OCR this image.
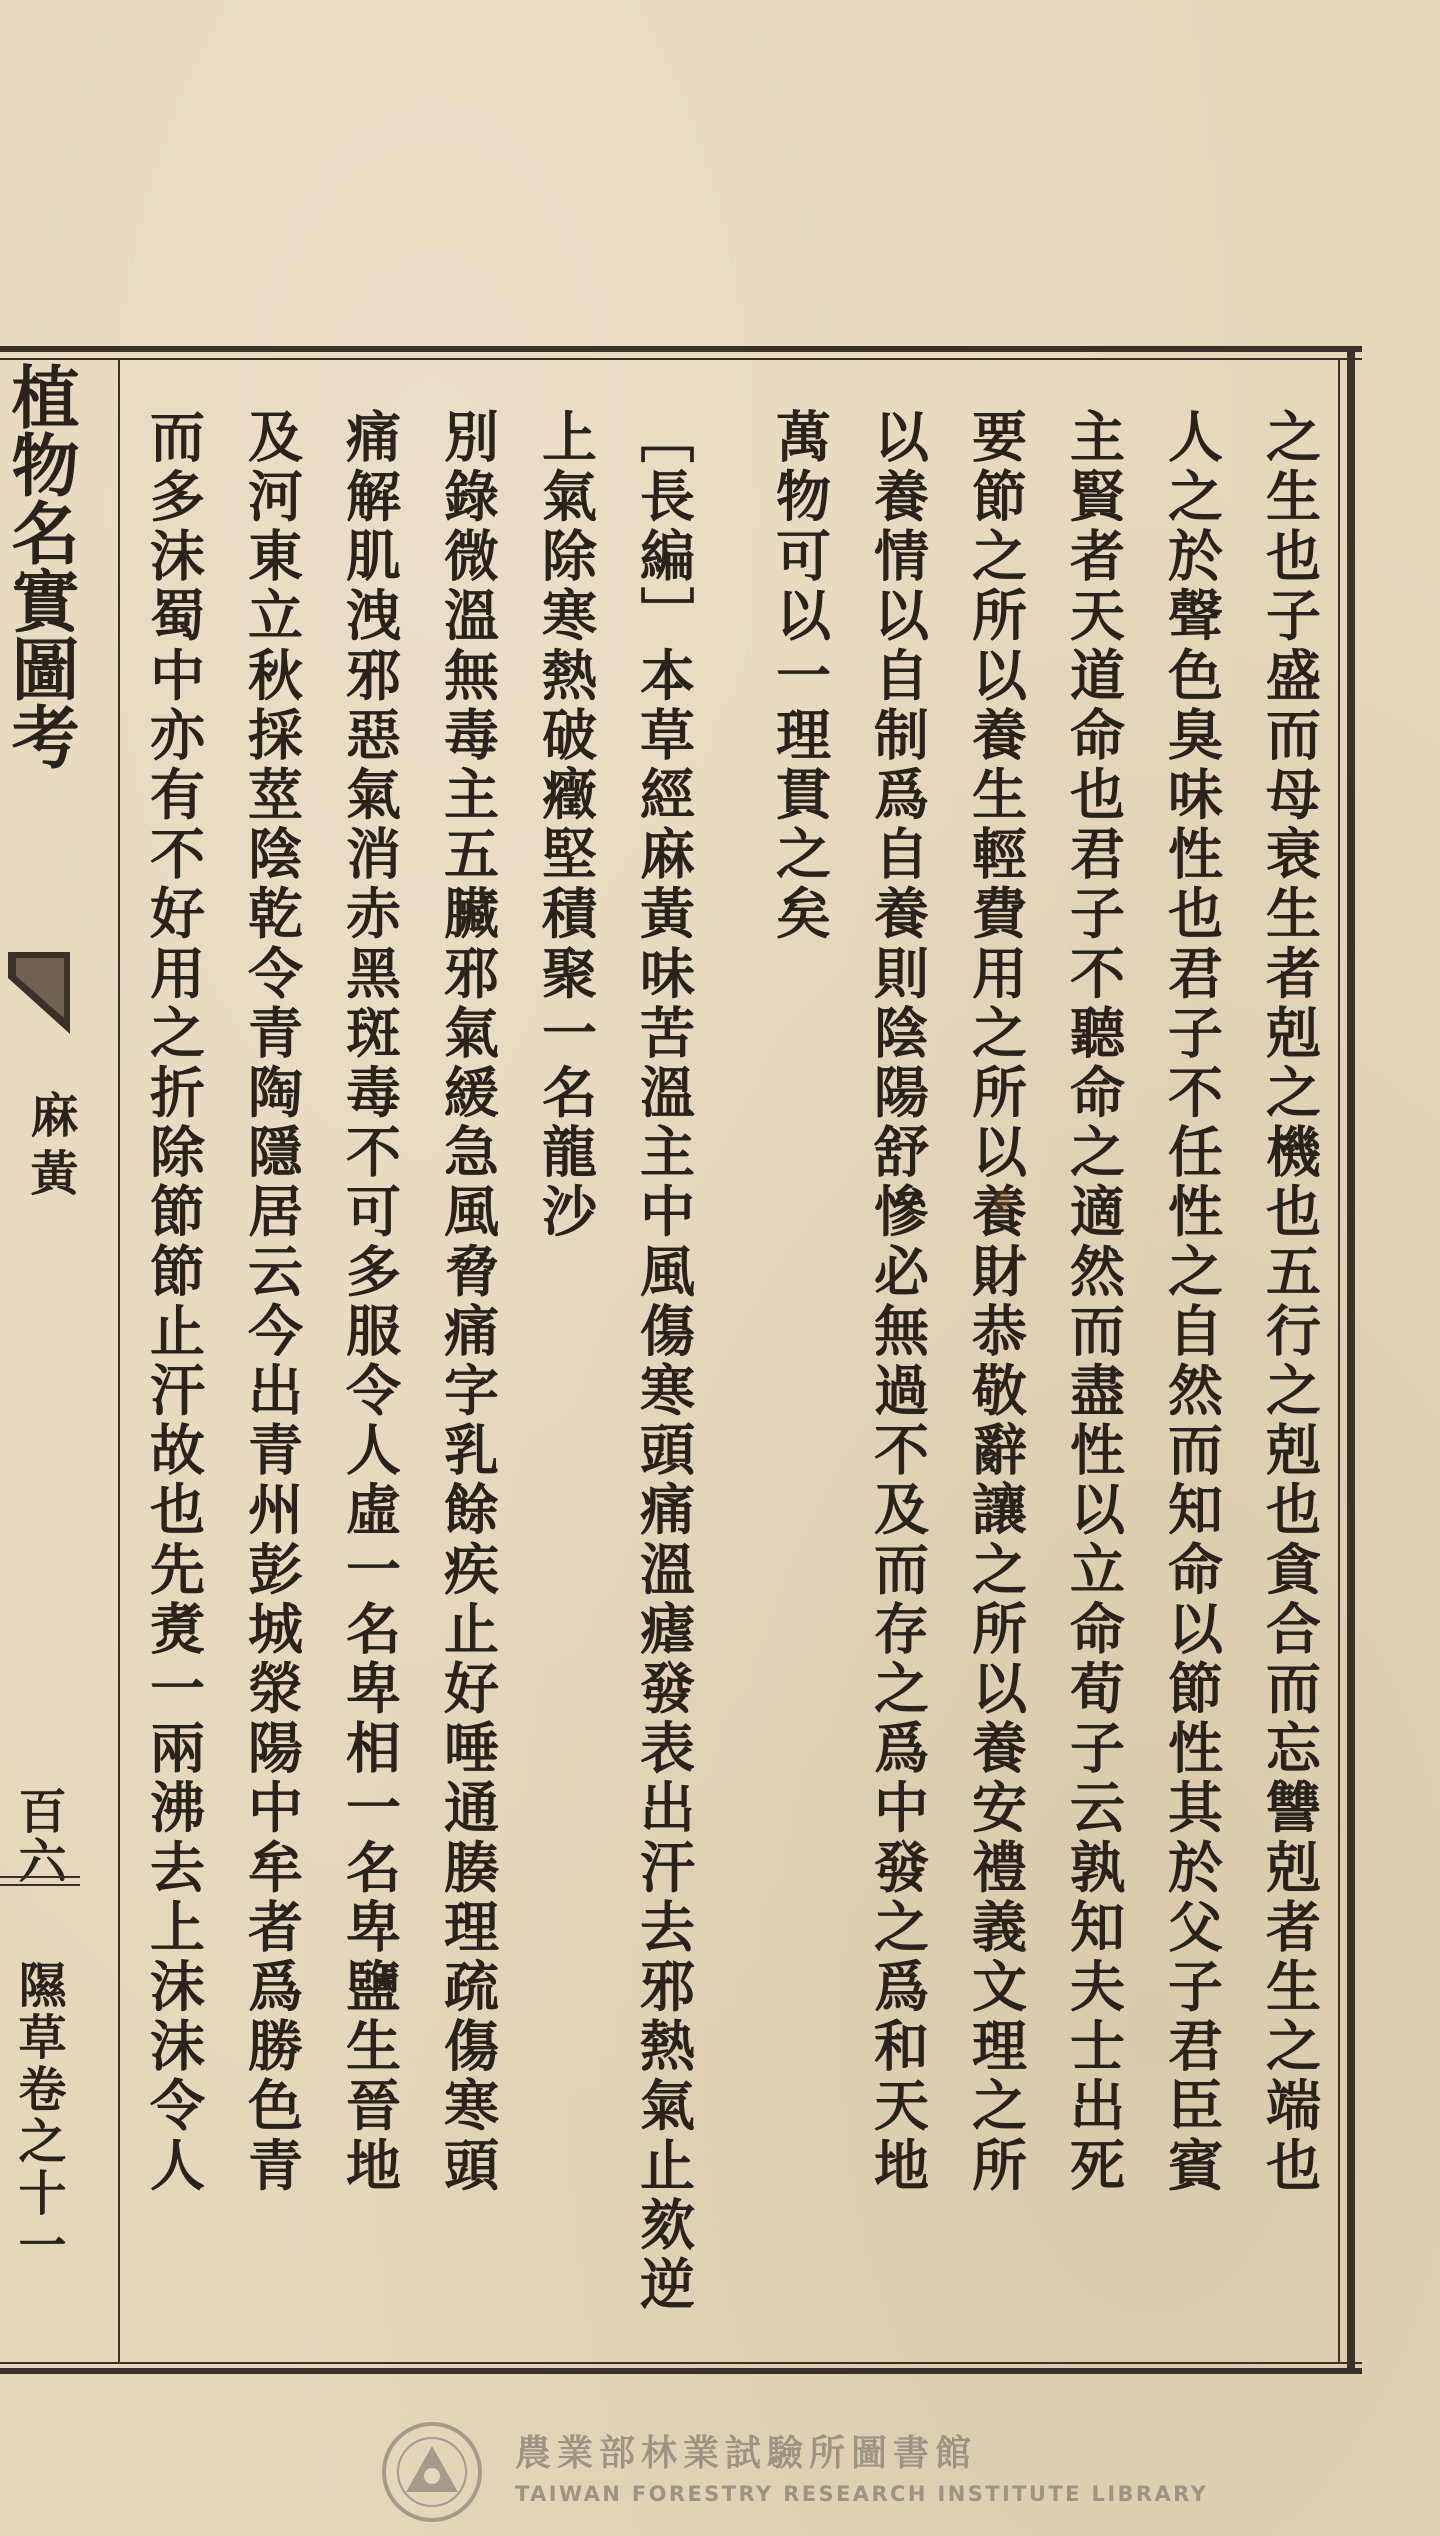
植物名實圖考
麻黃
百六
隰草卷之十一	之生也子盛而母衰生者剋之機也五行之剋也貪合而忘讐剋者生之端也
人之於聲色臭味性也君子不任性之自然而知命以節性其於父子君臣賓
主賢者天道命也君子不聽命之適然而盡性以立命荀子云孰知夫士出死
要節之所以養生輕費用之所以養財恭敬辭讓之所以養安禮義文理之所
以養情以自制爲自養則陰陽舒慘必無過不及而存之爲中發之爲和天地
萬物可以一理貫之矣
［長編］本草經麻黃味苦溫主中風傷寒頭痛溫瘧發表出汗去邪熱氣止欬逆
上氣除寒熱破癥堅積聚一名龍沙
別錄微溫無毒主五臟邪氣緩急風脅痛字乳餘疾止好唾通腠理疏傷寒頭
痛解肌洩邪惡氣消赤黑斑毒不可多服令人虛一名卑相一名卑鹽生晉地
及河東立秋採莖陰乾令青陶隱居云今出青州彭城滎陽中牟者爲勝色青
而多沫蜀中亦有不好用之折除節節止汗故也先煑一兩沸去上沫沫令人
農業部林業試驗所圖書館
TAIWAN FORESTRY RESEARCH INSTITUTE LIBRARY
